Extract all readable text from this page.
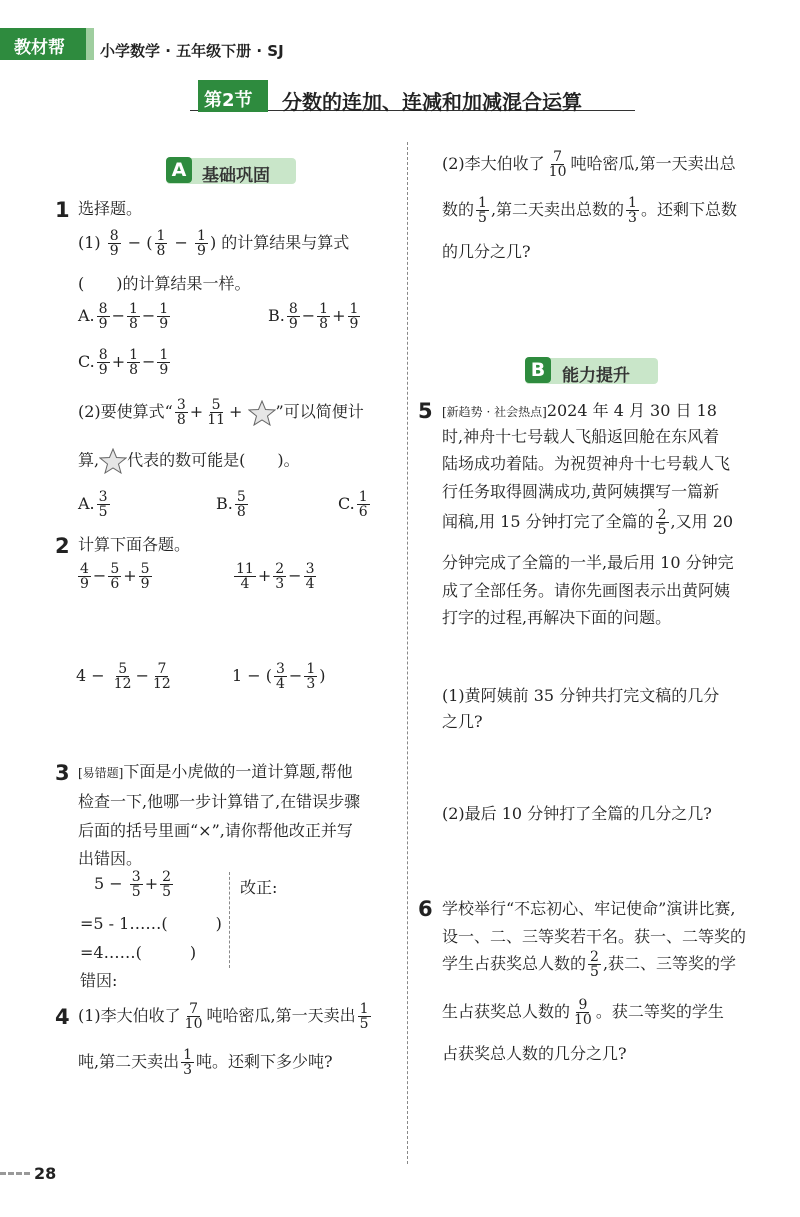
教材帮 小学数学 · 五年级下册 · SJ
第2节 分数的连加、连减和加减混合运算
A 基础巩固
1 选择题。
$(1) \frac{8}{9}$ − ( $\frac{1}{8} - \frac{1}{9}$ ) 的计算结果与算式
(　　)的计算结果一样。
A. $\frac{8}{9} - \frac{1}{8} - \frac{1}{9}$	B. $\frac{8}{9} - \frac{1}{8} + \frac{1}{9}$
C. $\frac{8}{9} + \frac{1}{8} - \frac{1}{9}$
(2)要使算式“ $\frac{3}{8} + \frac{5}{11}$ + ”可以简便计
算, 代表的数可能是(　　)。
A. $\frac{3}{5}$	B. $\frac{5}{8}$	C. $\frac{1}{6}$
2 计算下面各题。
$\frac{4}{9} - \frac{5}{6} + \frac{5}{9}$	$\frac{11}{4} + \frac{2}{3} - \frac{3}{4}$
$4 - \frac{5}{12} - \frac{7}{12}$	1 − ( $\frac{3}{4} - \frac{1}{3}$ )
3 [易错题]下面是小虎做的一道计算题,帮他
检查一下,他哪一步计算错了,在错误步骤
后面的括号里画“×”,请你帮他改正并写
出错因。
$5 - \frac{3}{5} + \frac{2}{5}$
=5 - 1……(　　　)
=4……(　　　)
改正:
错因:
4 (1)李大伯收了 $\frac{7}{10}$ 吨哈密瓜,第一天卖出 $\frac{1}{5}$
吨,第二天卖出 $\frac{1}{3}$ 吨。还剩下多少吨?
(2)李大伯收了 $\frac{7}{10}$ 吨哈密瓜,第一天卖出总
数的 $\frac{1}{5}$ ,第二天卖出总数的 $\frac{1}{3}$ 。还剩下总数
的几分之几?
B 能力提升
5 [新趋势 · 社会热点]2024 年 4 月 30 日 18
时,神舟十七号载人飞船返回舱在东风着
陆场成功着陆。为祝贺神舟十七号载人飞
行任务取得圆满成功,黄阿姨撰写一篇新
闻稿,用 15 分钟打完了全篇的 $\frac{2}{5}$ ,又用 20
分钟完成了全篇的一半,最后用 10 分钟完
成了全部任务。请你先画图表示出黄阿姨
打字的过程,再解决下面的问题。
(1)黄阿姨前 35 分钟共打完文稿的几分
之几?
(2)最后 10 分钟打了全篇的几分之几?
6 学校举行“不忘初心、牢记使命”演讲比赛,
设一、二、三等奖若干名。获一、二等奖的
学生占获奖总人数的 $\frac{2}{5}$ ,获二、三等奖的学
生占获奖总人数的 $\frac{9}{10}$ 。获二等奖的学生
占获奖总人数的几分之几?
28
